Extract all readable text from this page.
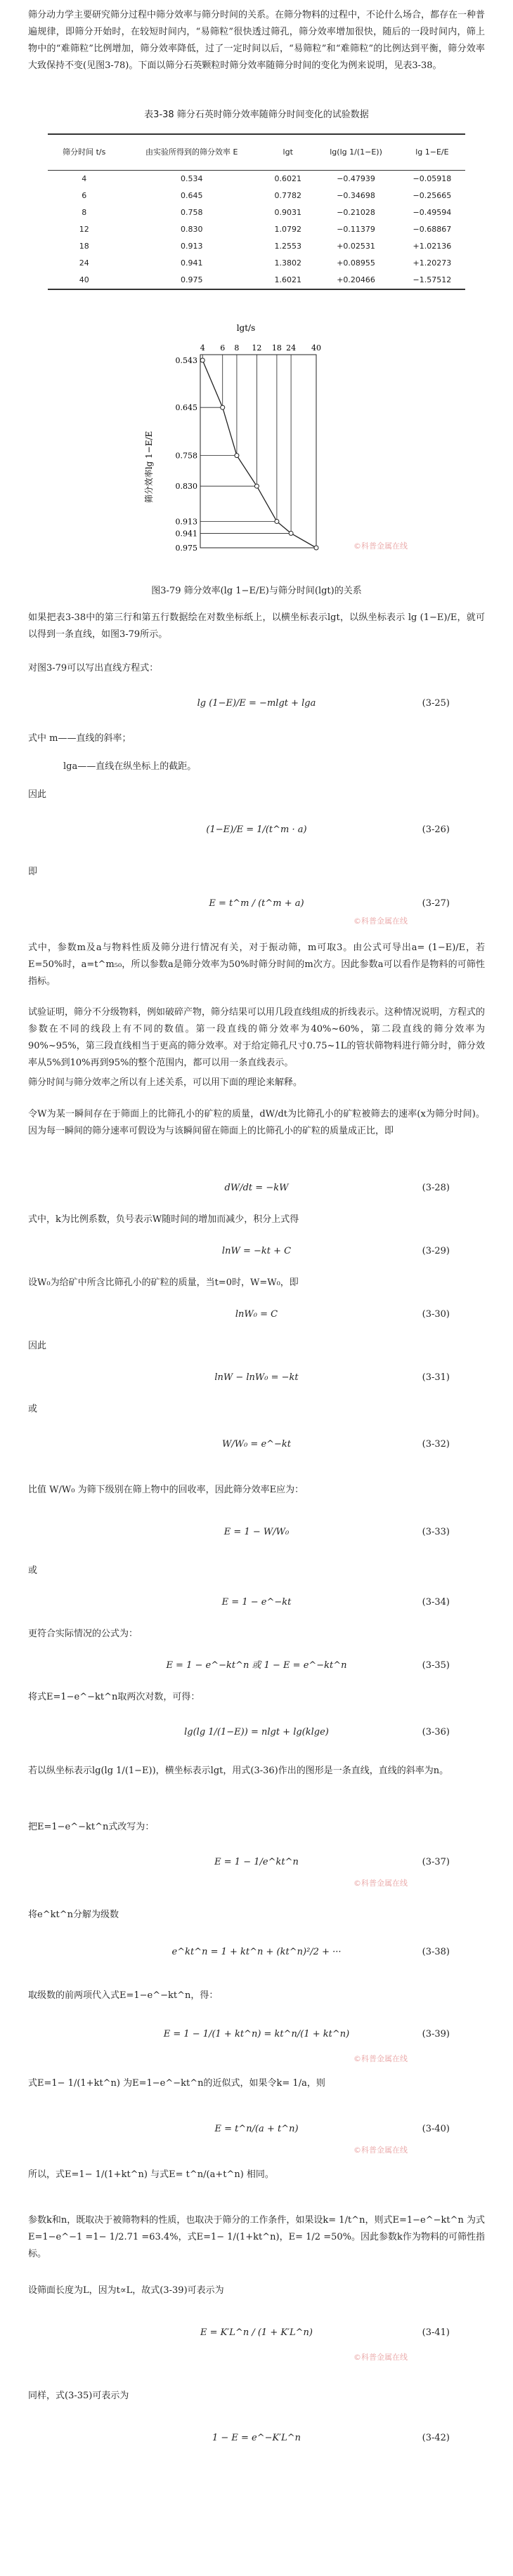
筛分动力学主要研究筛分过程中筛分效率与筛分时间的关系。在筛分物料的过程中，不论什么场合，都存在一种普遍规律，即筛分开始时，在较短时间内，“易筛粒”很快透过筛孔，筛分效率增加很快，随后的一段时间内，筛上物中的“难筛粒”比例增加，筛分效率降低，过了一定时间以后，“易筛粒”和“难筛粒”的比例达到平衡，筛分效率大致保持不变(见图3-78)。下面以筛分石英颗粒时筛分效率随筛分时间的变化为例来说明，见表3-38。
表3-38 筛分石英时筛分效率随筛分时间变化的试验数据
筛分时间 t/s	由实验所得到的筛分效率 E	lgt	lg(lg 1/(1−E))	lg 1−E/E
4	0.534	0.6021	−0.47939	−0.05918
6	0.645	0.7782	−0.34698	−0.25665
8	0.758	0.9031	−0.21028	−0.49594
12	0.830	1.0792	−0.11379	−0.68867
18	0.913	1.2553	+0.02531	+1.02136
24	0.941	1.3802	+0.08955	+1.20273
40	0.975	1.6021	+0.20466	−1.57512
lgt/s
4 6 8 12 18 24 40
0.543
0.645
0.758
0.830
0.913
0.941
0.975
筛分效率lg 1−E/E
©科普金属在线
图3-79 筛分效率(lg 1−E/E)与筛分时间(lgt)的关系
如果把表3-38中的第三行和第五行数据绘在对数坐标纸上，以横坐标表示lgt，以纵坐标表示 lg (1−E)/E，就可以得到一条直线，如图3-79所示。
对图3-79可以写出直线方程式：
lg (1−E)/E = −mlgt + lga	(3-25)
式中 m——直线的斜率；
lga——直线在纵坐标上的截距。
因此
(1−E)/E = 1/(t^m · a)	(3-26)
即
E = t^m / (t^m + a)	(3-27)
©科普金属在线
式中，参数m及a与物料性质及筛分进行情况有关，对于振动筛，m可取3。由公式可导出a= (1−E)/E，若E=50%时，a=t^m₅₀，所以参数a是筛分效率为50%时筛分时间的m次方。因此参数a可以看作是物料的可筛性指标。
试验证明，筛分不分级物料，例如破碎产物，筛分结果可以用几段直线组成的折线表示。这种情况说明，方程式的参数在不同的线段上有不同的数值。第一段直线的筛分效率为40%~60%，第二段直线的筛分效率为90%~95%，第三段直线相当于更高的筛分效率。对于给定筛孔尺寸0.75~1L的管状筛物料进行筛分时，筛分效率从5%到10%再到95%的整个范围内，都可以用一条直线表示。
筛分时间与筛分效率之所以有上述关系，可以用下面的理论来解释。
令W为某一瞬间存在于筛面上的比筛孔小的矿粒的质量，dW/dt为比筛孔小的矿粒被筛去的速率(x为筛分时间)。因为每一瞬间的筛分速率可假设为与该瞬间留在筛面上的比筛孔小的矿粒的质量成正比，即
dW/dt = −kW	(3-28)
式中，k为比例系数，负号表示W随时间的增加而减少，积分上式得
lnW = −kt + C	(3-29)
设W₀为给矿中所含比筛孔小的矿粒的质量，当t=0时，W=W₀，即
lnW₀ = C	(3-30)
因此
lnW − lnW₀ = −kt	(3-31)
或
W/W₀ = e^−kt	(3-32)
比值 W/W₀ 为筛下级别在筛上物中的回收率，因此筛分效率E应为：
E = 1 − W/W₀	(3-33)
或
E = 1 − e^−kt	(3-34)
更符合实际情况的公式为：
E = 1 − e^−kt^n 或 1 − E = e^−kt^n	(3-35)
将式E=1−e^−kt^n取两次对数，可得：
lg(lg 1/(1−E)) = nlgt + lg(klge)	(3-36)
若以纵坐标表示lg(lg 1/(1−E))，横坐标表示lgt，用式(3-36)作出的图形是一条直线，直线的斜率为n。
把E=1−e^−kt^n式改写为：
E = 1 − 1/e^kt^n	(3-37)
©科普金属在线
将e^kt^n分解为级数
e^kt^n = 1 + kt^n + (kt^n)²/2 + ···	(3-38)
取级数的前两项代入式E=1−e^−kt^n，得：
E = 1 − 1/(1 + kt^n) = kt^n/(1 + kt^n)	(3-39)
©科普金属在线
式E=1− 1/(1+kt^n) 为E=1−e^−kt^n的近似式，如果令k= 1/a，则
E = t^n/(a + t^n)	(3-40)
©科普金属在线
所以，式E=1− 1/(1+kt^n) 与式E= t^n/(a+t^n) 相同。
参数k和n，既取决于被筛物料的性质，也取决于筛分的工作条件，如果设k= 1/t^n，则式E=1−e^−kt^n 为式E=1−e^−1 =1− 1/2.71 =63.4%，式E=1− 1/(1+kt^n)，E= 1/2 =50%。因此参数k作为物料的可筛性指标。
设筛面长度为L，因为t∝L，故式(3-39)可表示为
E = K′L^n / (1 + K′L^n)	(3-41)
©科普金属在线
同样，式(3-35)可表示为
1 − E = e^−K′L^n	(3-42)
